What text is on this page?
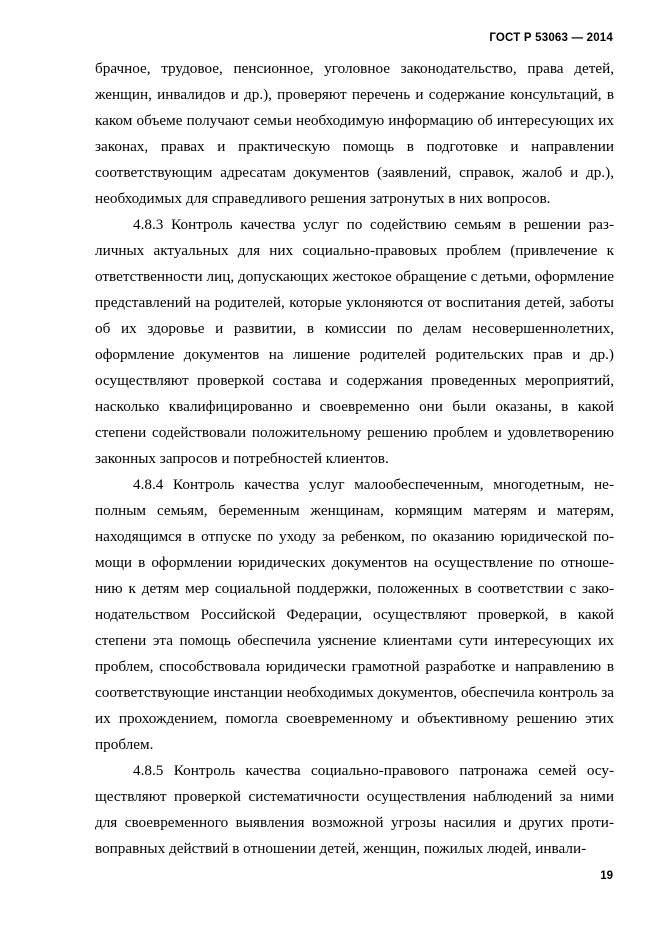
ГОСТ Р 53063 — 2014

брачное, трудовое, пенсионное, уголовное законодательство, права детей, женщин, инвалидов и др.), проверяют перечень и содержание консультаций, в каком объеме получают семьи необходимую информацию об интересующих их законах, правах и практическую помощь в подготовке и направлении соответствующим адресатам документов (заявлений, справок, жалоб и др.), необходимых для справедливого решения затронутых в них вопросов.

4.8.3 Контроль качества услуг по содействию семьям в решении различных актуальных для них социально-правовых проблем (привлечение к ответственности лиц, допускающих жестокое обращение с детьми, оформление представлений на родителей, которые уклоняются от воспитания детей, заботы об их здоровье и развитии, в комиссии по делам несовершеннолетних, оформление документов на лишение родителей родительских прав и др.) осуществляют проверкой состава и содержания проведенных мероприятий, насколько квалифицированно и своевременно они были оказаны, в какой степени содействовали положительному решению проблем и удовлетворению законных запросов и потребностей клиентов.

4.8.4 Контроль качества услуг малообеспеченным, многодетным, неполным семьям, беременным женщинам, кормящим матерям и матерям, находящимся в отпуске по уходу за ребенком, по оказанию юридической помощи в оформлении юридических документов на осуществление по отношению к детям мер социальной поддержки, положенных в соответствии с законодательством Российской Федерации, осуществляют проверкой, в какой степени эта помощь обеспечила уяснение клиентами сути интересующих их проблем, способствовала юридически грамотной разработке и направлению в соответствующие инстанции необходимых документов, обеспечила контроль за их прохождением, помогла своевременному и объективному решению этих проблем.

4.8.5 Контроль качества социально-правового патронажа семей осуществляют проверкой систематичности осуществления наблюдений за ними для своевременного выявления возможной угрозы насилия и других противоправных действий в отношении детей, женщин, пожилых людей, инвали-

19
